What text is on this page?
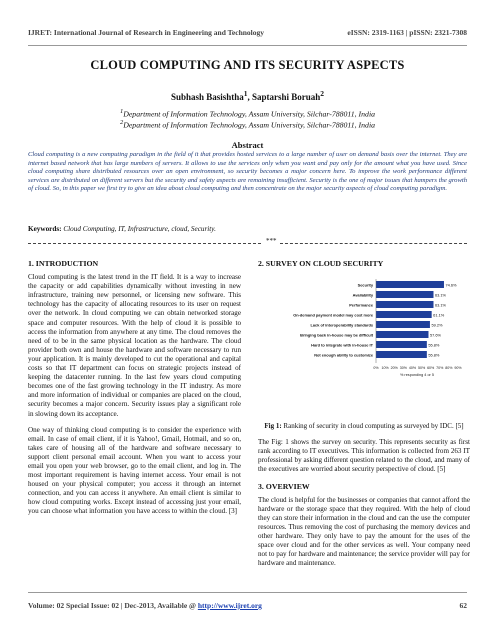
IJRET: International Journal of Research in Engineering and Technology	eISSN: 2319-1163 | pISSN: 2321-7308
CLOUD COMPUTING AND ITS SECURITY ASPECTS
Subhash Basishtha$^1$, Saptarshi Boruah$^2$
$^1$Department of Information Technology, Assam University, Silchar-788011, India
$^2$Department of Information Technology, Assam University, Silchar-788011, India
Abstract
Cloud computing is a new computing paradigm in the field of it that provides hosted services to a large number of user on demand basis over the internet. They are internet based network that has large numbers of servers. It allows to use the services only when you want and pay only for the amount what you have used. Since cloud computing share distributed resources over an open environment, so security becomes a major concern here. To improve the work performance different services are distributed on different servers but the security and safety aspects are remaining insufficient. Security is the one of major issues that hampers the growth of cloud. So, in this paper we first try to give an idea about cloud computing and then concentrate on the major security aspects of cloud computing paradigm.
Keywords: Cloud Computing, IT, Infrastructure, cloud, Security.
***
1. INTRODUCTION

Cloud computing is the latest trend in the IT field. It is a way to increase the capacity or add capabilities dynamically without investing in new infrastructure, training new personnel, or licensing new software. This technology has the capacity of allocating resources to its user on request over the network. In cloud computing we can obtain networked storage space and computer resources. With the help of cloud it is possible to access the information from anywhere at any time. The cloud removes the need of to be in the same physical location as the hardware. The cloud provider both own and house the hardware and software necessary to run your application. It is mainly developed to cut the operational and capital costs so that IT department can focus on strategic projects instead of keeping the datacenter running. In the last few years cloud computing becomes one of the fast growing technology in the IT industry. As more and more information of individual or companies are placed on the cloud, security becomes a major concern. Security issues play a significant role in slowing down its acceptance.

One way of thinking cloud computing is to consider the experience with email. In case of email client, if it is Yahoo!, Gmail, Hotmail, and so on, takes care of housing all of the hardware and software necessary to support client personal email account. When you want to access your email you open your web browser, go to the email client, and log in. The most important requirement is having internet access. Your email is not housed on your physical computer; you access it through an internet connection, and you can access it anywhere. An email client is similar to how cloud computing works. Except instead of accessing just your email, you can choose what information you have access to within the cloud. [3]

2. SURVEY ON CLOUD SECURITY
Security	74.6%
Availability	63.1%
Performance	63.1%
On-demand payment model may cost more	61.1%
Lack of interoperability standards	59.2%
Bringing back in-house may be difficult	57.6%
Hard to integrate with in-house IT	55.8%
Not enough ability to customize	55.8%
0% 10% 20% 30% 40% 50% 60% 70% 80% 90%
% responding 4 or 5
Fig 1: Ranking of security in cloud computing as surveyed by IDC. [5]

The Fig: 1 shows the survey on security. This represents security as first rank according to IT executives. This information is collected from 263 IT professional by asking different question related to the cloud, and many of the executives are worried about security perspective of cloud. [5]

3. OVERVIEW

The cloud is helpful for the businesses or companies that cannot afford the hardware or the storage space that they required. With the help of cloud they can store their information in the cloud and can the use the computer resources. Thus removing the cost of purchasing the memory devices and other hardware. They only have to pay the amount for the uses of the space over cloud and for the other services as well. Your company need not to pay for hardware and maintenance; the service provider will pay for hardware and maintenance.

Volume: 02 Special Issue: 02 | Dec-2013, Available @ http://www.ijret.org	62
